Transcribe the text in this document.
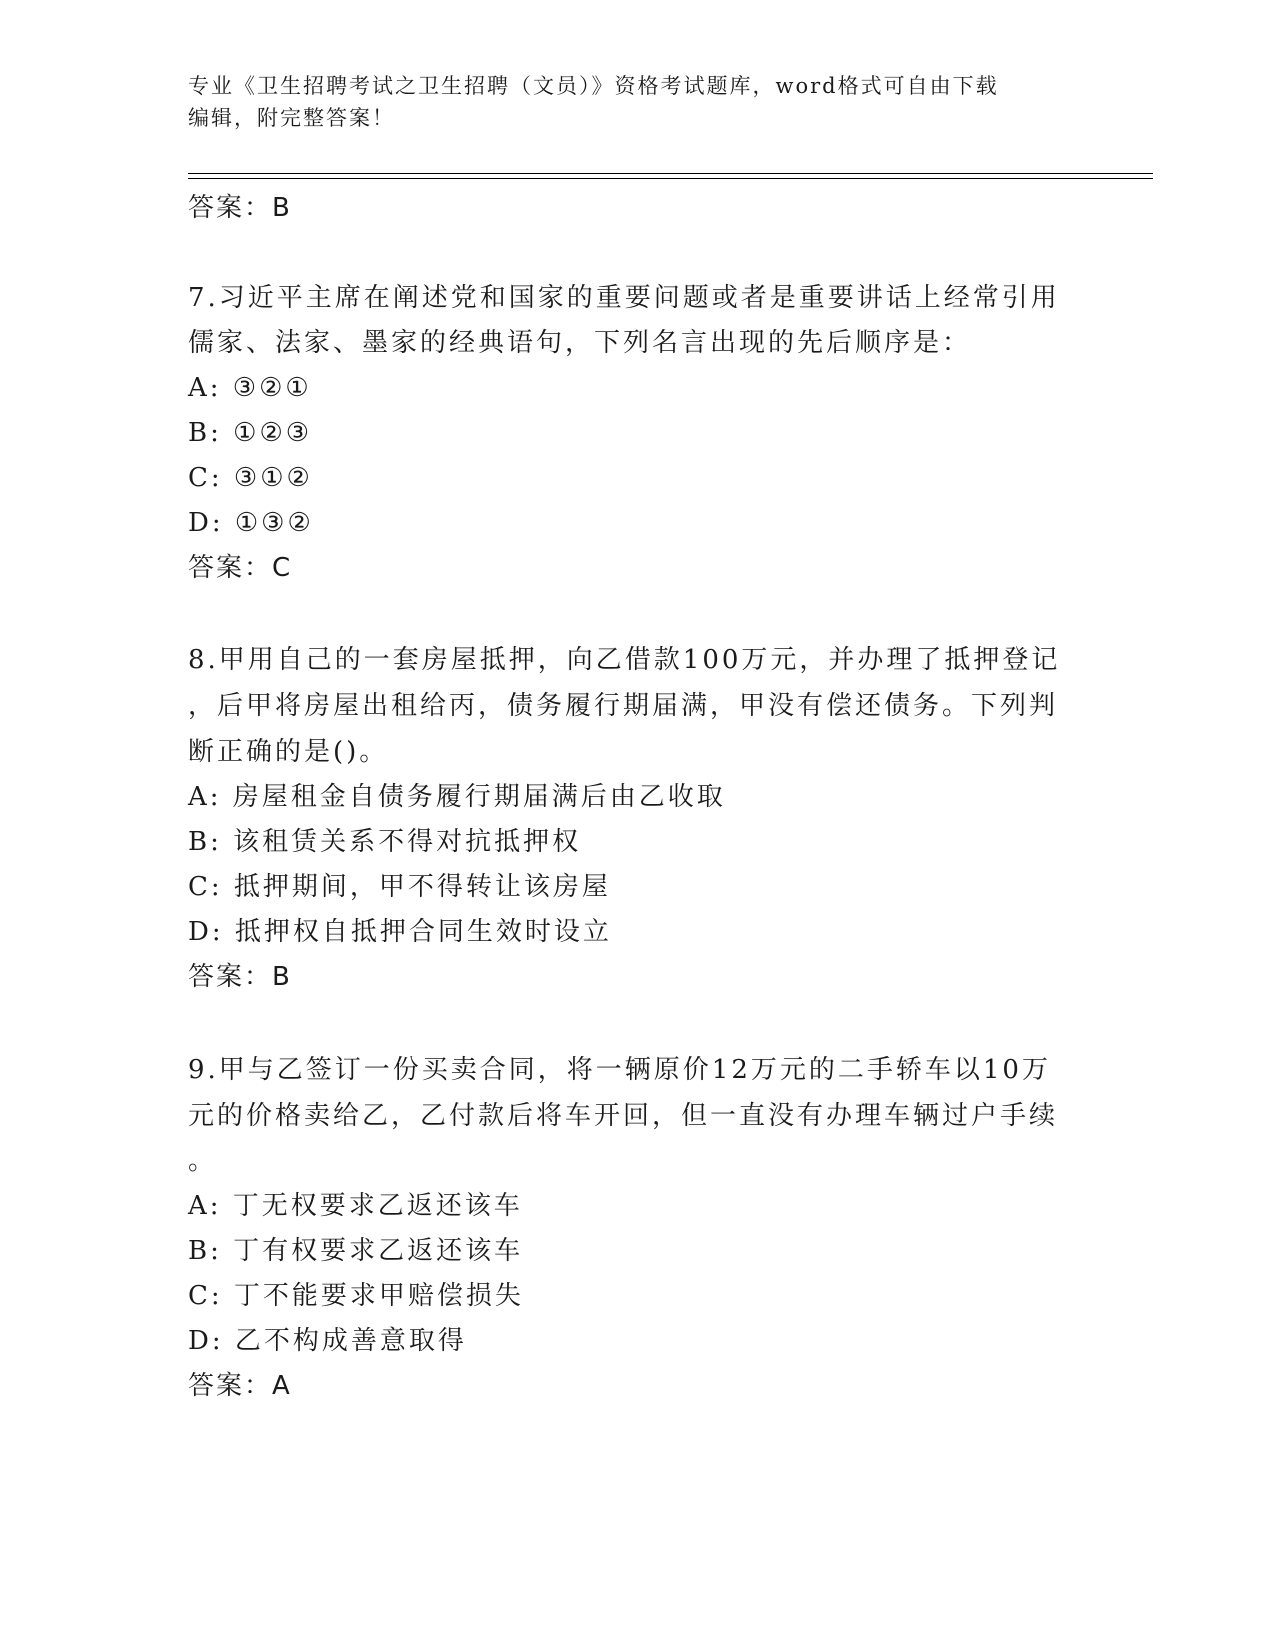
专业《卫生招聘考试之卫生招聘（文员）》资格考试题库，word格式可自由下载
编辑，附完整答案！
答案：B
7.习近平主席在阐述党和国家的重要问题或者是重要讲话上经常引用
儒家、法家、墨家的经典语句，下列名言出现的先后顺序是：
A: ③②①
B: ①②③
C: ③①②
D: ①③②
答案：C
8.甲用自己的一套房屋抵押，向乙借款100万元，并办理了抵押登记
，后甲将房屋出租给丙，债务履行期届满，甲没有偿还债务。下列判
断正确的是()。
A: 房屋租金自债务履行期届满后由乙收取
B: 该租赁关系不得对抗抵押权
C: 抵押期间，甲不得转让该房屋
D: 抵押权自抵押合同生效时设立
答案：B
9.甲与乙签订一份买卖合同，将一辆原价12万元的二手轿车以10万
元的价格卖给乙，乙付款后将车开回，但一直没有办理车辆过户手续
。
A: 丁无权要求乙返还该车
B: 丁有权要求乙返还该车
C: 丁不能要求甲赔偿损失
D: 乙不构成善意取得
答案：A
